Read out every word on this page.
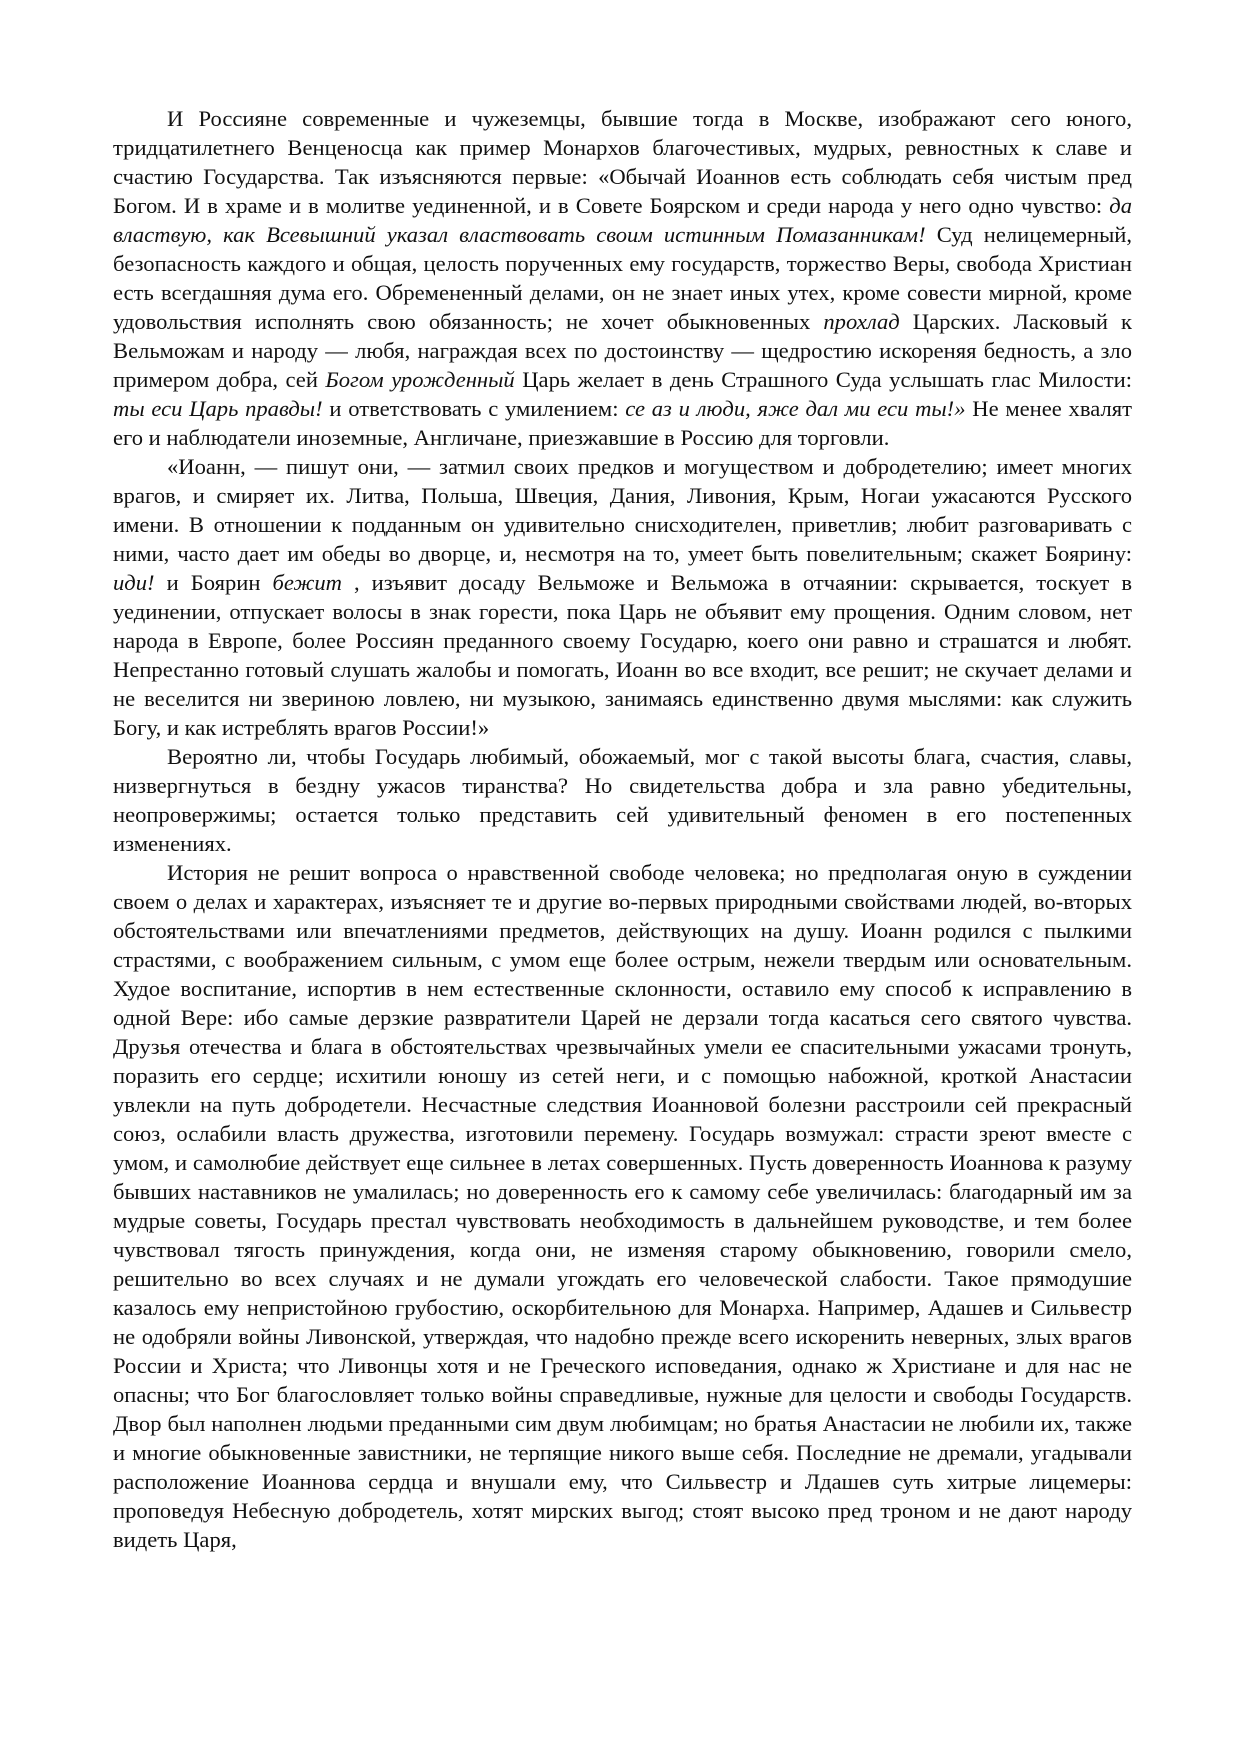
И Россияне современные и чужеземцы, бывшие тогда в Москве, изображают сего юного, тридцатилетнего Венценосца как пример Монархов благочестивых, мудрых, ревностных к славе и счастию Государства. Так изъясняются первые: «Обычай Иоаннов есть соблюдать себя чистым пред Богом. И в храме и в молитве уединенной, и в Совете Боярском и среди народа у него одно чувство: да властвую, как Всевышний указал властвовать своим истинным Помазанникам! Суд нелицемерный, безопасность каждого и общая, целость порученных ему государств, торжество Веры, свобода Христиан есть всегдашняя дума его. Обремененный делами, он не знает иных утех, кроме совести мирной, кроме удовольствия исполнять свою обязанность; не хочет обыкновенных прохлад Царских. Ласковый к Вельможам и народу — любя, награждая всех по достоинству — щедростию искореняя бедность, а зло примером добра, сей Богом урожденный Царь желает в день Страшного Суда услышать глас Милости: ты еси Царь правды! и ответствовать с умилением: се аз и люди, яже дал ми еси ты!» Не менее хвалят его и наблюдатели иноземные, Англичане, приезжавшие в Россию для торговли.

«Иоанн, — пишут они, — затмил своих предков и могуществом и добродетелию; имеет многих врагов, и смиряет их. Литва, Польша, Швеция, Дания, Ливония, Крым, Ногаи ужасаются Русского имени. В отношении к подданным он удивительно снисходителен, приветлив; любит разговаривать с ними, часто дает им обеды во дворце, и, несмотря на то, умеет быть повелительным; скажет Боярину: иди! и Боярин бежит , изъявит досаду Вельможе и Вельможа в отчаянии: скрывается, тоскует в уединении, отпускает волосы в знак горести, пока Царь не объявит ему прощения. Одним словом, нет народа в Европе, более Россиян преданного своему Государю, коего они равно и страшатся и любят. Непрестанно готовый слушать жалобы и помогать, Иоанн во все входит, все решит; не скучает делами и не веселится ни звериною ловлею, ни музыкою, занимаясь единственно двумя мыслями: как служить Богу, и как истреблять врагов России!»

Вероятно ли, чтобы Государь любимый, обожаемый, мог с такой высоты блага, счастия, славы, низвергнуться в бездну ужасов тиранства? Но свидетельства добра и зла равно убедительны, неопровержимы; остается только представить сей удивительный феномен в его постепенных изменениях.

История не решит вопроса о нравственной свободе человека; но предполагая оную в суждении своем о делах и характерах, изъясняет те и другие во-первых природными свойствами людей, во-вторых обстоятельствами или впечатлениями предметов, действующих на душу. Иоанн родился с пылкими страстями, с воображением сильным, с умом еще более острым, нежели твердым или основательным. Худое воспитание, испортив в нем естественные склонности, оставило ему способ к исправлению в одной Вере: ибо самые дерзкие развратители Царей не дерзали тогда касаться сего святого чувства. Друзья отечества и блага в обстоятельствах чрезвычайных умели ее спасительными ужасами тронуть, поразить его сердце; исхитили юношу из сетей неги, и с помощью набожной, кроткой Анастасии увлекли на путь добродетели. Несчастные следствия Иоанновой болезни расстроили сей прекрасный союз, ослабили власть дружества, изготовили перемену. Государь возмужал: страсти зреют вместе с умом, и самолюбие действует еще сильнее в летах совершенных. Пусть доверенность Иоаннова к разуму бывших наставников не умалилась; но доверенность его к самому себе увеличилась: благодарный им за мудрые советы, Государь престал чувствовать необходимость в дальнейшем руководстве, и тем более чувствовал тягость принуждения, когда они, не изменяя старому обыкновению, говорили смело, решительно во всех случаях и не думали угождать его человеческой слабости. Такое прямодушие казалось ему непристойною грубостию, оскорбительною для Монарха. Например, Адашев и Сильвестр не одобряли войны Ливонской, утверждая, что надобно прежде всего искоренить неверных, злых врагов России и Христа; что Ливонцы хотя и не Греческого исповедания, однако ж Христиане и для нас не опасны; что Бог благословляет только войны справедливые, нужные для целости и свободы Государств. Двор был наполнен людьми преданными сим двум любимцам; но братья Анастасии не любили их, также и многие обыкновенные завистники, не терпящие никого выше себя. Последние не дремали, угадывали расположение Иоаннова сердца и внушали ему, что Сильвестр и Лдашев суть хитрые лицемеры: проповедуя Небесную добродетель, хотят мирских выгод; стоят высоко пред троном и не дают народу видеть Царя,
